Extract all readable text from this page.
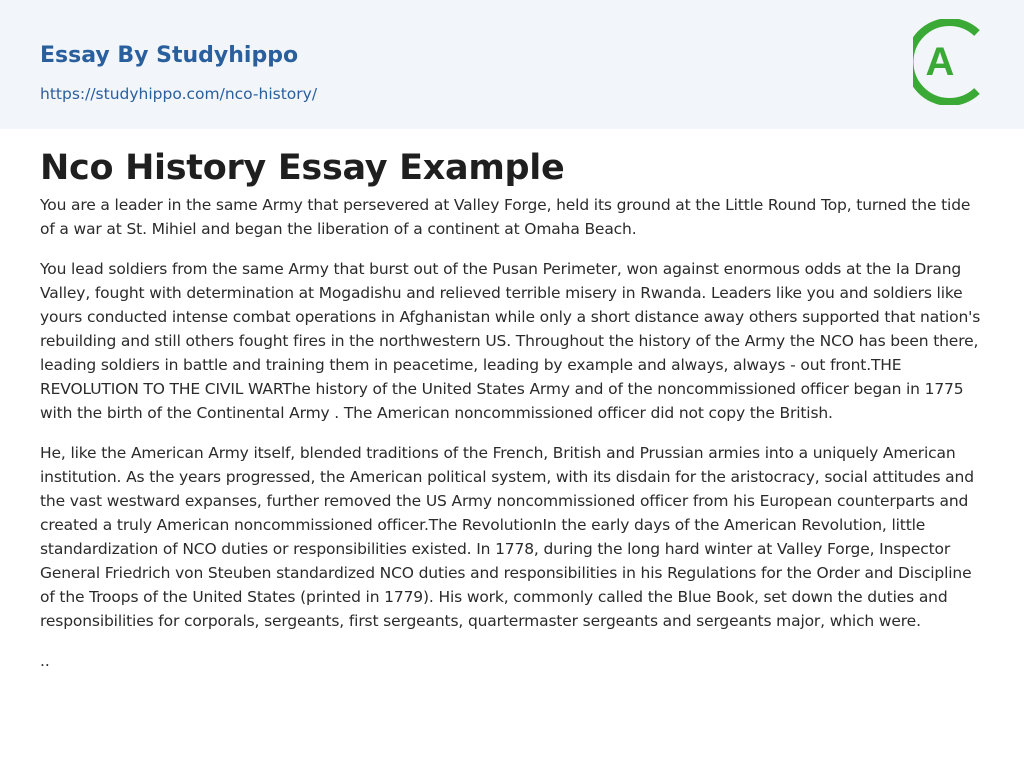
Essay By Studyhippo
https://studyhippo.com/nco-history/
A
Nco History Essay Example

You are a leader in the same Army that persevered at Valley Forge, held its ground at the Little Round Top, turned the tide of a war at St. Mihiel and began the liberation of a continent at Omaha Beach.

You lead soldiers from the same Army that burst out of the Pusan Perimeter, won against enormous odds at the Ia Drang Valley, fought with determination at Mogadishu and relieved terrible misery in Rwanda. Leaders like you and soldiers like yours conducted intense combat operations in Afghanistan while only a short distance away others supported that nation's rebuilding and still others fought fires in the northwestern US. Throughout the history of the Army the NCO has been there, leading soldiers in battle and training them in peacetime, leading by example and always, always - out front.THE REVOLUTION TO THE CIVIL WARThe history of the United States Army and of the noncommissioned officer began in 1775 with the birth of the Continental Army . The American noncommissioned officer did not copy the British.

He, like the American Army itself, blended traditions of the French, British and Prussian armies into a uniquely American institution. As the years progressed, the American political system, with its disdain for the aristocracy, social attitudes and the vast westward expanses, further removed the US Army noncommissioned officer from his European counterparts and created a truly American noncommissioned officer.The RevolutionIn the early days of the American Revolution, little standardization of NCO duties or responsibilities existed. In 1778, during the long hard winter at Valley Forge, Inspector General Friedrich von Steuben standardized NCO duties and responsibilities in his Regulations for the Order and Discipline of the Troops of the United States (printed in 1779). His work, commonly called the Blue Book, set down the duties and responsibilities for corporals, sergeants, first sergeants, quartermaster sergeants and sergeants major, which were.

..
